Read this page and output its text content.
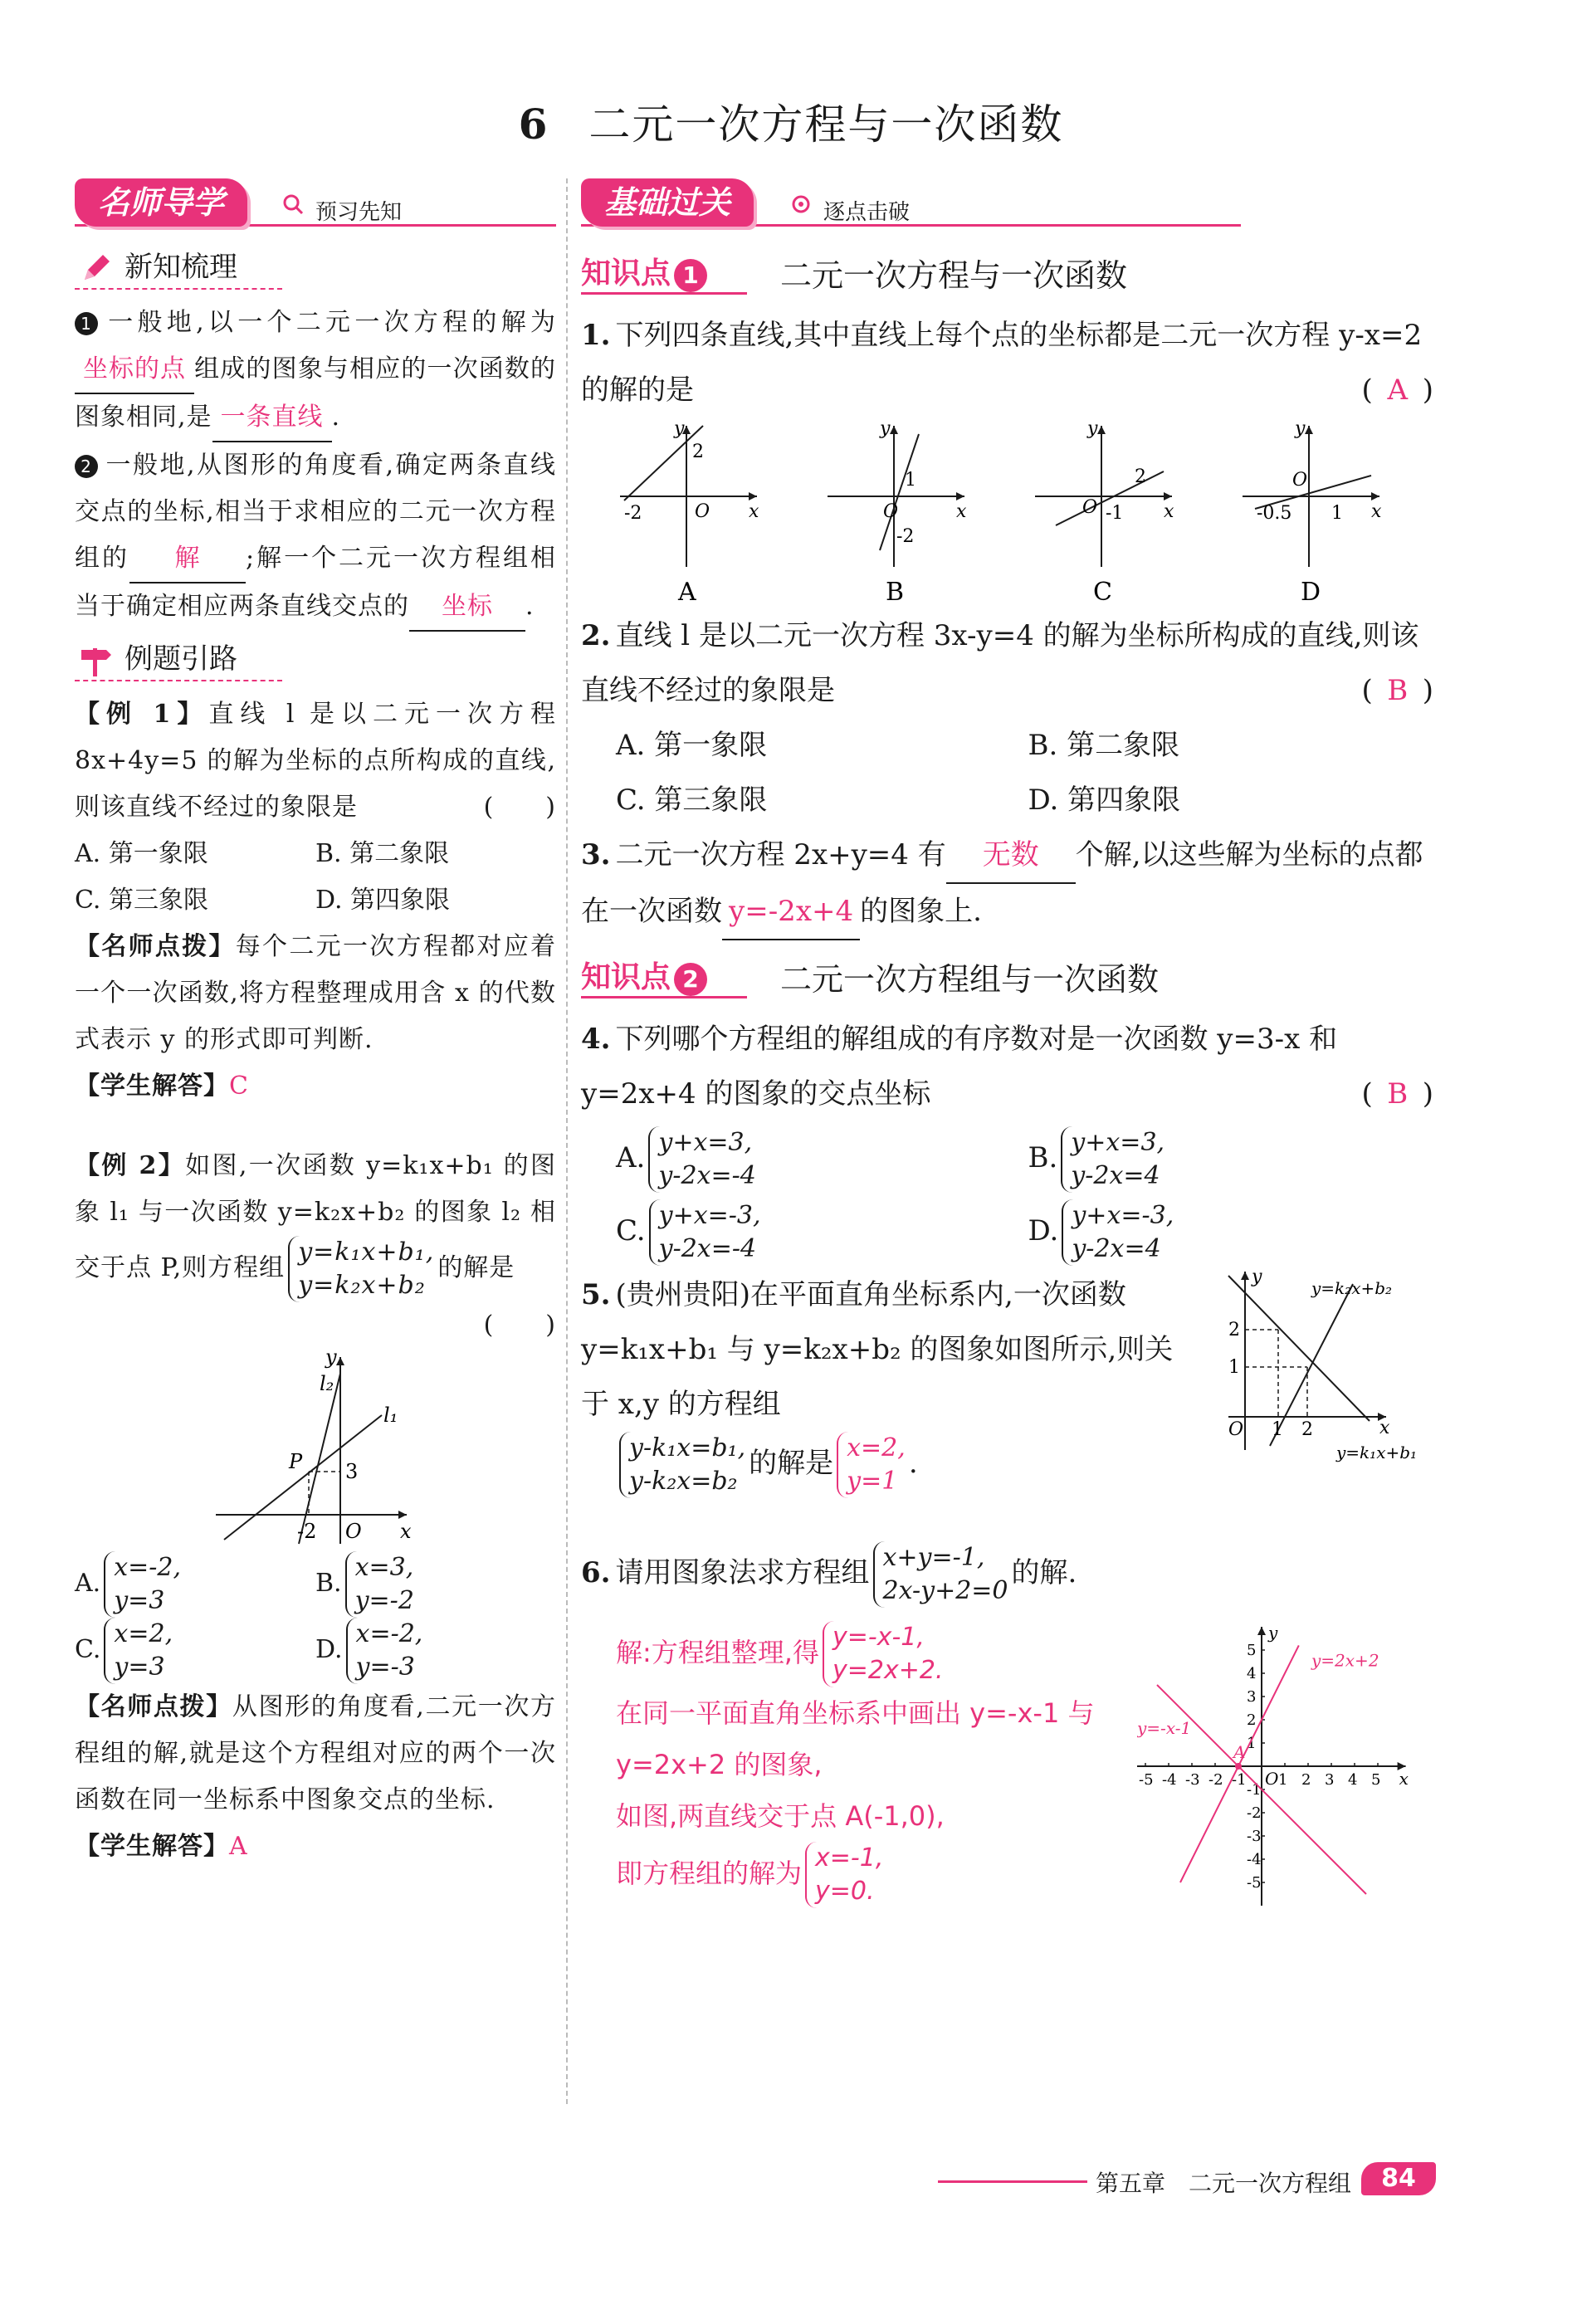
6 二元一次方程与一次函数
名师导学	预习先知
新知梳理

1 一般地,以一个二元一次方程的解为坐标的点 组成的图象与相应的一次函数的图象相同,是 一条直线 .

2 一般地,从图形的角度看,确定两条直线交点的坐标,相当于求相应的二元一次方程组的 解 ;解一个二元一次方程组相当于确定相应两条直线交点的 坐标 .

例题引路

【例 1】直线 l 是以二元一次方程 8x+4y=5 的解为坐标的点所构成的直线,则该直线不经过的象限是	(　　)

A. 第一象限	B. 第二象限
C. 第三象限	D. 第四象限

【名师点拨】每个二元一次方程都对应着一个一次函数,将方程整理成用含 x 的代数式表示 y 的形式即可判断.

【学生解答】C

【例 2】如图,一次函数 y=k₁x+b₁ 的图象 l₁ 与一次函数 y=k₂x+b₂ 的图象 l₂ 相交于点 P,则方程组y=k₁x+b₁,
y=k₂x+b₂的解是
(　　)

y
x
O
l₁
l₂
P 3
-2
A.x=-2,
y=3
B.x=3,
y=-2
C.x=2,
y=3
D.x=-2,
y=-3

【名师点拨】从图形的角度看,二元一次方程组的解,就是这个方程组对应的两个一次函数在同一坐标系中图象交点的坐标.

【学生解答】A

基础过关	逐点击破
知识点 1	二元一次方程与一次函数

1. 下列四条直线,其中直线上每个点的坐标都是二元一次方程 y-x=2 的解的是	( A )

y
x
O
2
-2
A
y
x
O
1
-2
B
y
x
O
2
-1
C
y
x
O
-0.5 1
D

2. 直线 l 是以二元一次方程 3x-y=4 的解为坐标所构成的直线,则该直线不经过的象限是	( B )

A. 第一象限	B. 第二象限
C. 第三象限	D. 第四象限

3. 二元一次方程 2x+y=4 有 无数 个解,以这些解为坐标的点都在一次函数 y=-2x+4 的图象上.

知识点 2	二元一次方程组与一次函数

4. 下列哪个方程组的解组成的有序数对是一次函数 y=3-x 和 y=2x+4 的图象的交点坐标	( B )

A. y+x=3,
y-2x=-4
B. y+x=3,
y-2x=4
C. y+x=-3,
y-2x=-4
D. y+x=-3,
y-2x=4

5. (贵州贵阳)在平面直角坐标系内,一次函数 y=k₁x+b₁ 与 y=k₂x+b₂ 的图象如图所示,则关于 x,y 的方程组

y
x
O
y=k₂x+b₂
y=k₁x+b₁
2
1
1 2

y-k₁x=b₁,
y-k₂x=b₂的解是 x=2,
y=1.

6. 请用图象法求方程组 x+y=-1,
2x-y+2=0的解.

解:方程组整理,得 y=-x-1,
y=2x+2.
在同一平面直角坐标系中画出 y=-x-1 与 y=2x+2 的图象,
如图,两直线交于点 A(-1,0),
即方程组的解为 x=-1,
y=0.
-5 -4 -3 -2 -1 1 2 3 4 5
5
4
3
2
1
-1
-2
-3
-4
-5
y=2x+2
y=-x-1
A
O	x
y
第五章　二元一次方程组	84
